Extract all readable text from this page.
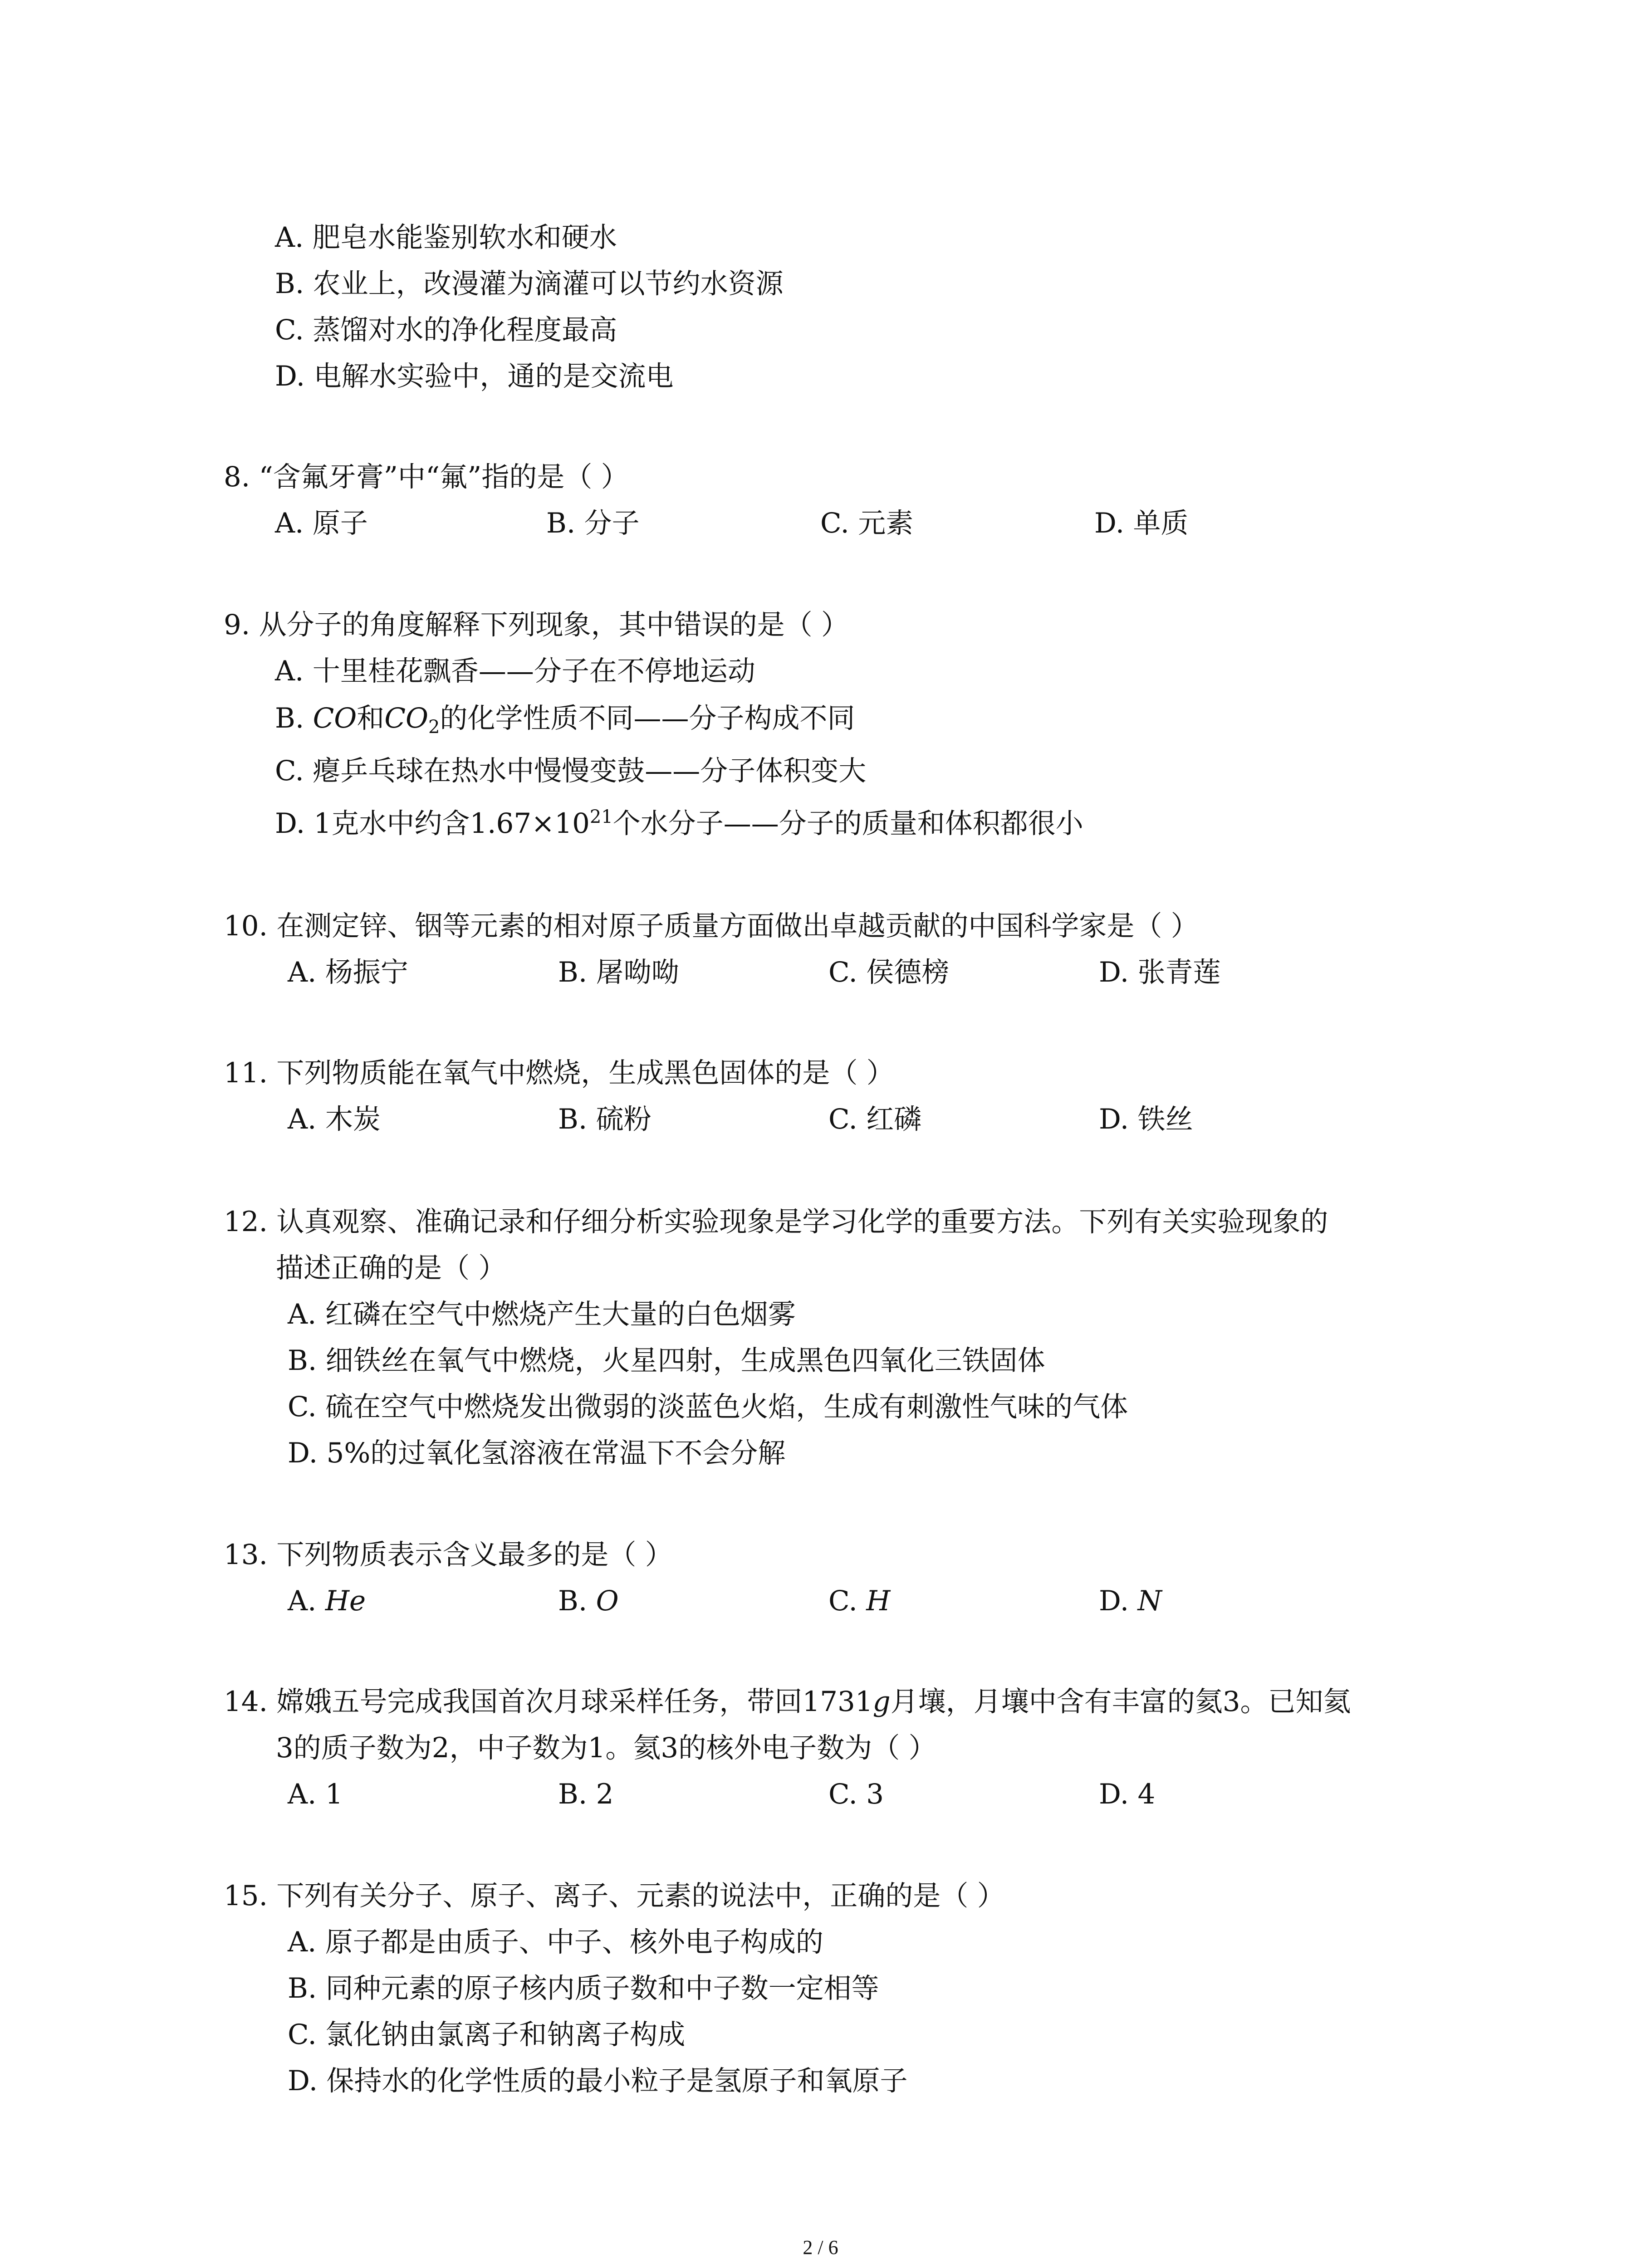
A. 肥皂水能鉴别软水和硬水
B. 农业上，改漫灌为滴灌可以节约水资源
C. 蒸馏对水的净化程度最高
D. 电解水实验中，通的是交流电
8. “含氟牙膏”中“氟”指的是（ ）
A. 原子	B. 分子	C. 元素	D. 单质
9. 从分子的角度解释下列现象，其中错误的是（ ）
A. 十里桂花飘香——分子在不停地运动
B. CO和$CO_2$的化学性质不同——分子构成不同
C. 瘪乒乓球在热水中慢慢变鼓——分子体积变大
D. 1克水中约含$1.67\times 10^{21}$个水分子——分子的质量和体积都很小
10. 在测定锌、铟等元素的相对原子质量方面做出卓越贡献的中国科学家是（ ）
A. 杨振宁	B. 屠呦呦	C. 侯德榜	D. 张青莲
11. 下列物质能在氧气中燃烧，生成黑色固体的是（ ）
A. 木炭	B. 硫粉	C. 红磷	D. 铁丝
12. 认真观察、准确记录和仔细分析实验现象是学习化学的重要方法。下列有关实验现象的
描述正确的是（ ）
A. 红磷在空气中燃烧产生大量的白色烟雾
B. 细铁丝在氧气中燃烧，火星四射，生成黑色四氧化三铁固体
C. 硫在空气中燃烧发出微弱的淡蓝色火焰，生成有刺激性气味的气体
D. 5%的过氧化氢溶液在常温下不会分解
13. 下列物质表示含义最多的是（ ）
A. He	B. O	C. H	D. N
14. 嫦娥五号完成我国首次月球采样任务，带回1731g月壤，月壤中含有丰富的氦3。已知氦
3的质子数为2，中子数为1。氦3的核外电子数为（ ）
A. 1	B. 2	C. 3	D. 4
15. 下列有关分子、原子、离子、元素的说法中，正确的是（ ）
A. 原子都是由质子、中子、核外电子构成的
B. 同种元素的原子核内质子数和中子数一定相等
C. 氯化钠由氯离子和钠离子构成
D. 保持水的化学性质的最小粒子是氢原子和氧原子
2 / 6
